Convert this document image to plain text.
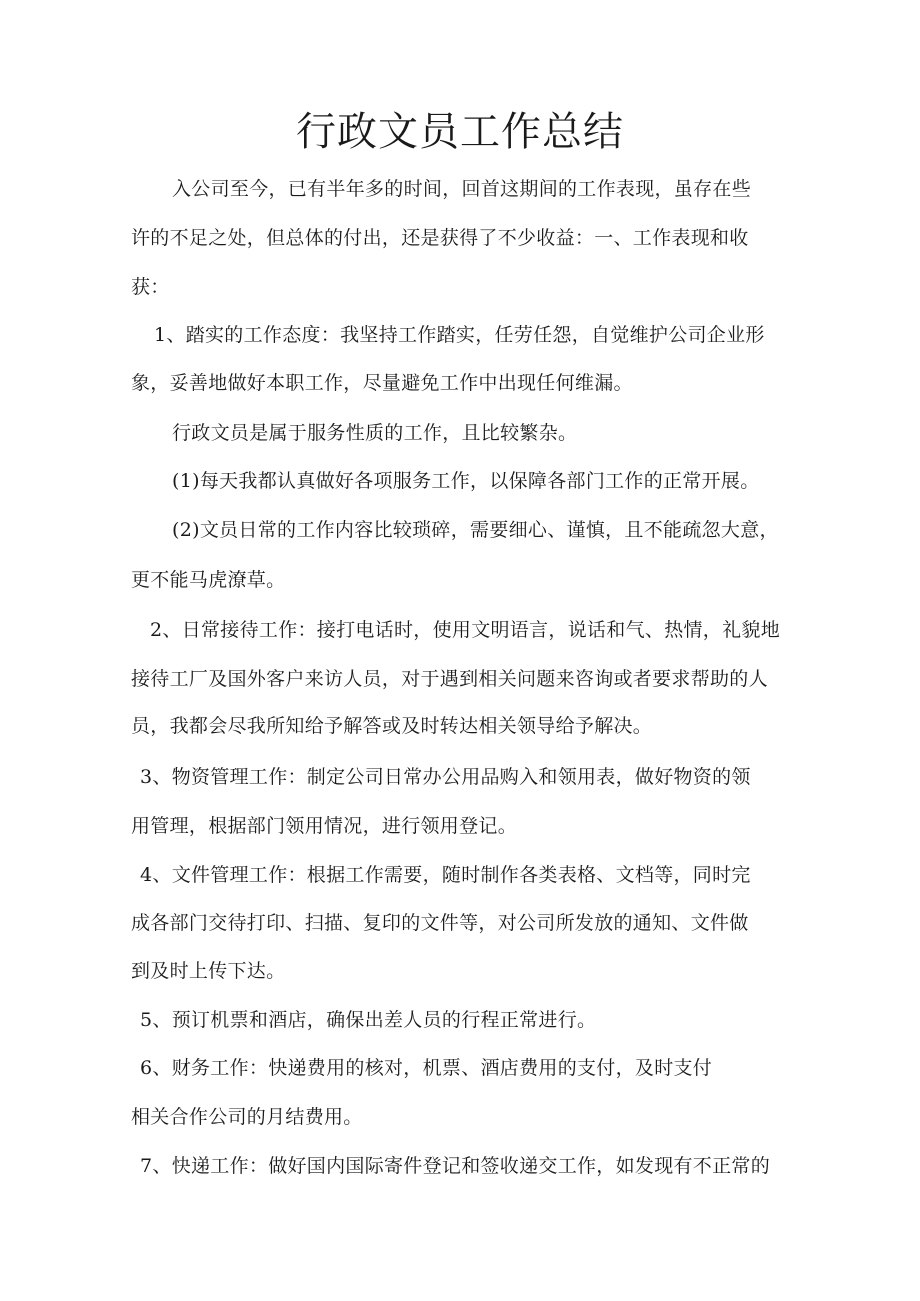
行政文员工作总结
入公司至今，已有半年多的时间，回首这期间的工作表现，虽存在些
许的不足之处，但总体的付出，还是获得了不少收益：一、工作表现和收
获：
1、踏实的工作态度：我坚持工作踏实，任劳任怨，自觉维护公司企业形
象，妥善地做好本职工作，尽量避免工作中出现任何维漏。
行政文员是属于服务性质的工作，且比较繁杂。
(1)每天我都认真做好各项服务工作，以保障各部门工作的正常开展。
(2)文员日常的工作内容比较琐碎，需要细心、谨慎，且不能疏忽大意，
更不能马虎潦草。
2、日常接待工作：接打电话时，使用文明语言，说话和气、热情，礼貌地
接待工厂及国外客户来访人员，对于遇到相关问题来咨询或者要求帮助的人
员，我都会尽我所知给予解答或及时转达相关领导给予解决。
3、物资管理工作：制定公司日常办公用品购入和领用表，做好物资的领
用管理，根据部门领用情况，进行领用登记。
4、文件管理工作：根据工作需要，随时制作各类表格、文档等，同时完
成各部门交待打印、扫描、复印的文件等，对公司所发放的通知、文件做
到及时上传下达。
5、预订机票和酒店，确保出差人员的行程正常进行。
6、财务工作：快递费用的核对，机票、酒店费用的支付，及时支付
相关合作公司的月结费用。
7、快递工作：做好国内国际寄件登记和签收递交工作，如发现有不正常的
